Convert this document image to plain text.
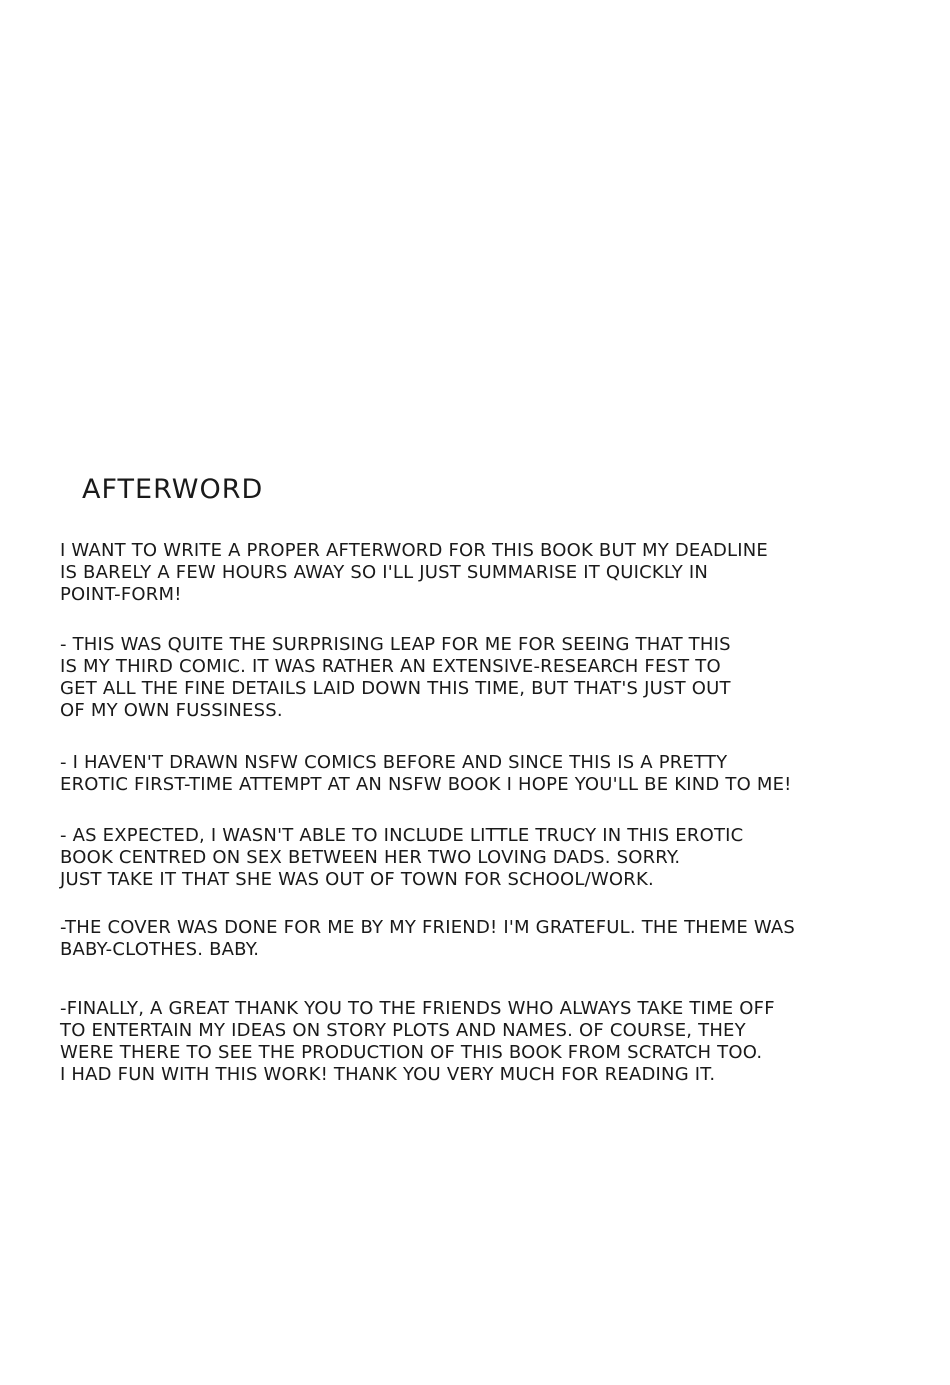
AFTERWORD

I WANT TO WRITE A PROPER AFTERWORD FOR THIS BOOK BUT MY DEADLINE
IS BARELY A FEW HOURS AWAY SO I'LL JUST SUMMARISE IT QUICKLY IN
POINT-FORM!

- THIS WAS QUITE THE SURPRISING LEAP FOR ME FOR SEEING THAT THIS
IS MY THIRD COMIC. IT WAS RATHER AN EXTENSIVE-RESEARCH FEST TO
GET ALL THE FINE DETAILS LAID DOWN THIS TIME, BUT THAT'S JUST OUT
OF MY OWN FUSSINESS.

- I HAVEN'T DRAWN NSFW COMICS BEFORE AND SINCE THIS IS A PRETTY
EROTIC FIRST-TIME ATTEMPT AT AN NSFW BOOK I HOPE YOU'LL BE KIND TO ME!

- AS EXPECTED, I WASN'T ABLE TO INCLUDE LITTLE TRUCY IN THIS EROTIC
BOOK CENTRED ON SEX BETWEEN HER TWO LOVING DADS. SORRY.
JUST TAKE IT THAT SHE WAS OUT OF TOWN FOR SCHOOL/WORK.

-THE COVER WAS DONE FOR ME BY MY FRIEND! I'M GRATEFUL. THE THEME WAS
BABY-CLOTHES. BABY.

-FINALLY, A GREAT THANK YOU TO THE FRIENDS WHO ALWAYS TAKE TIME OFF
TO ENTERTAIN MY IDEAS ON STORY PLOTS AND NAMES. OF COURSE, THEY
WERE THERE TO SEE THE PRODUCTION OF THIS BOOK FROM SCRATCH TOO.
I HAD FUN WITH THIS WORK! THANK YOU VERY MUCH FOR READING IT.
